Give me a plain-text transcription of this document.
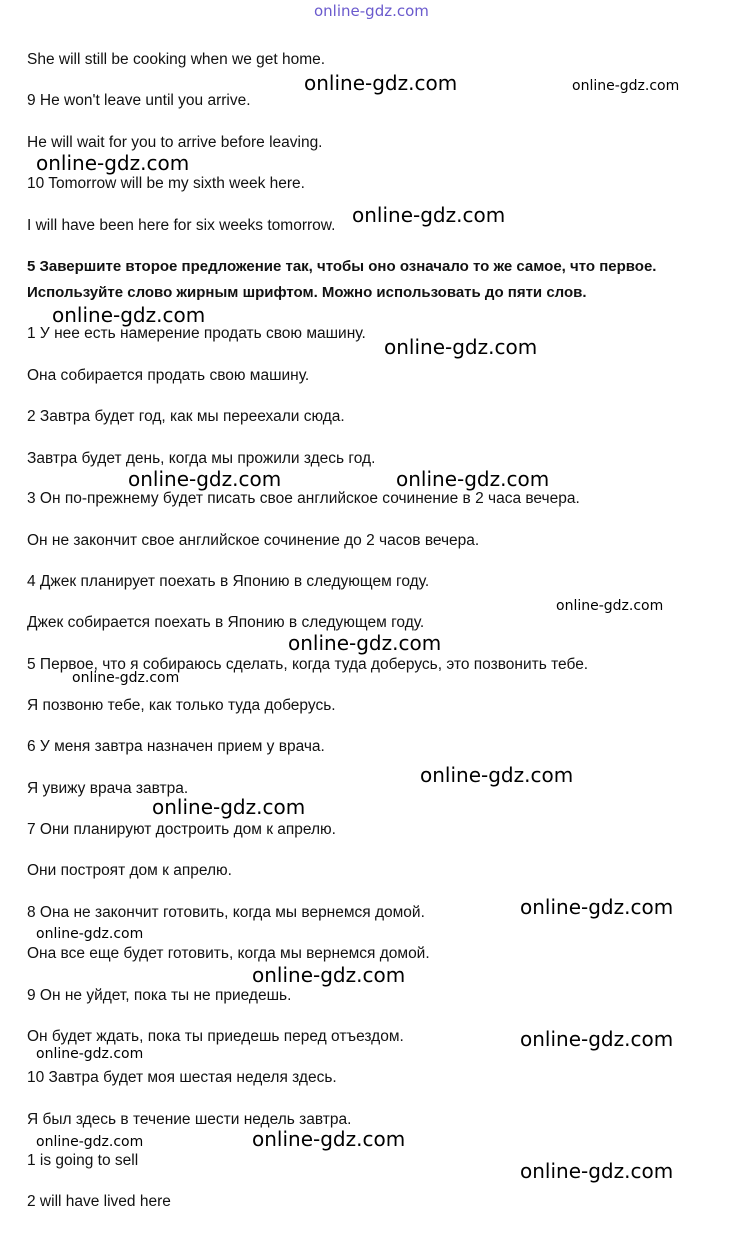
online-gdz.com
She will still be cooking when we get home.
9 He won't leave until you arrive.
He will wait for you to arrive before leaving.
10 Tomorrow will be my sixth week here.
I will have been here for six weeks tomorrow.
5 Завершите второе предложение так, чтобы оно означало то же самое, что первое.
Используйте слово жирным шрифтом. Можно использовать до пяти слов.
1 У нее есть намерение продать свою машину.
Она собирается продать свою машину.
2 Завтра будет год, как мы переехали сюда.
Завтра будет день, когда мы прожили здесь год.
3 Он по-прежнему будет писать свое английское сочинение в 2 часа вечера.
Он не закончит свое английское сочинение до 2 часов вечера.
4 Джек планирует поехать в Японию в следующем году.
Джек собирается поехать в Японию в следующем году.
5 Первое, что я собираюсь сделать, когда туда доберусь, это позвонить тебе.
Я позвоню тебе, как только туда доберусь.
6 У меня завтра назначен прием у врача.
Я увижу врача завтра.
7 Они планируют достроить дом к апрелю.
Они построят дом к апрелю.
8 Она не закончит готовить, когда мы вернемся домой.
Она все еще будет готовить, когда мы вернемся домой.
9 Он не уйдет, пока ты не приедешь.
Он будет ждать, пока ты приедешь перед отъездом.
10 Завтра будет моя шестая неделя здесь.
Я был здесь в течение шести недель завтра.
1 is going to sell
2 will have lived here
online-gdz.com	online-gdz.com
online-gdz.com
online-gdz.com
online-gdz.com
online-gdz.com
online-gdz.com	online-gdz.com
online-gdz.com
online-gdz.com
online-gdz.com
online-gdz.com
online-gdz.com
online-gdz.com
online-gdz.com
online-gdz.com
online-gdz.com
online-gdz.com
online-gdz.com	online-gdz.com
online-gdz.com
